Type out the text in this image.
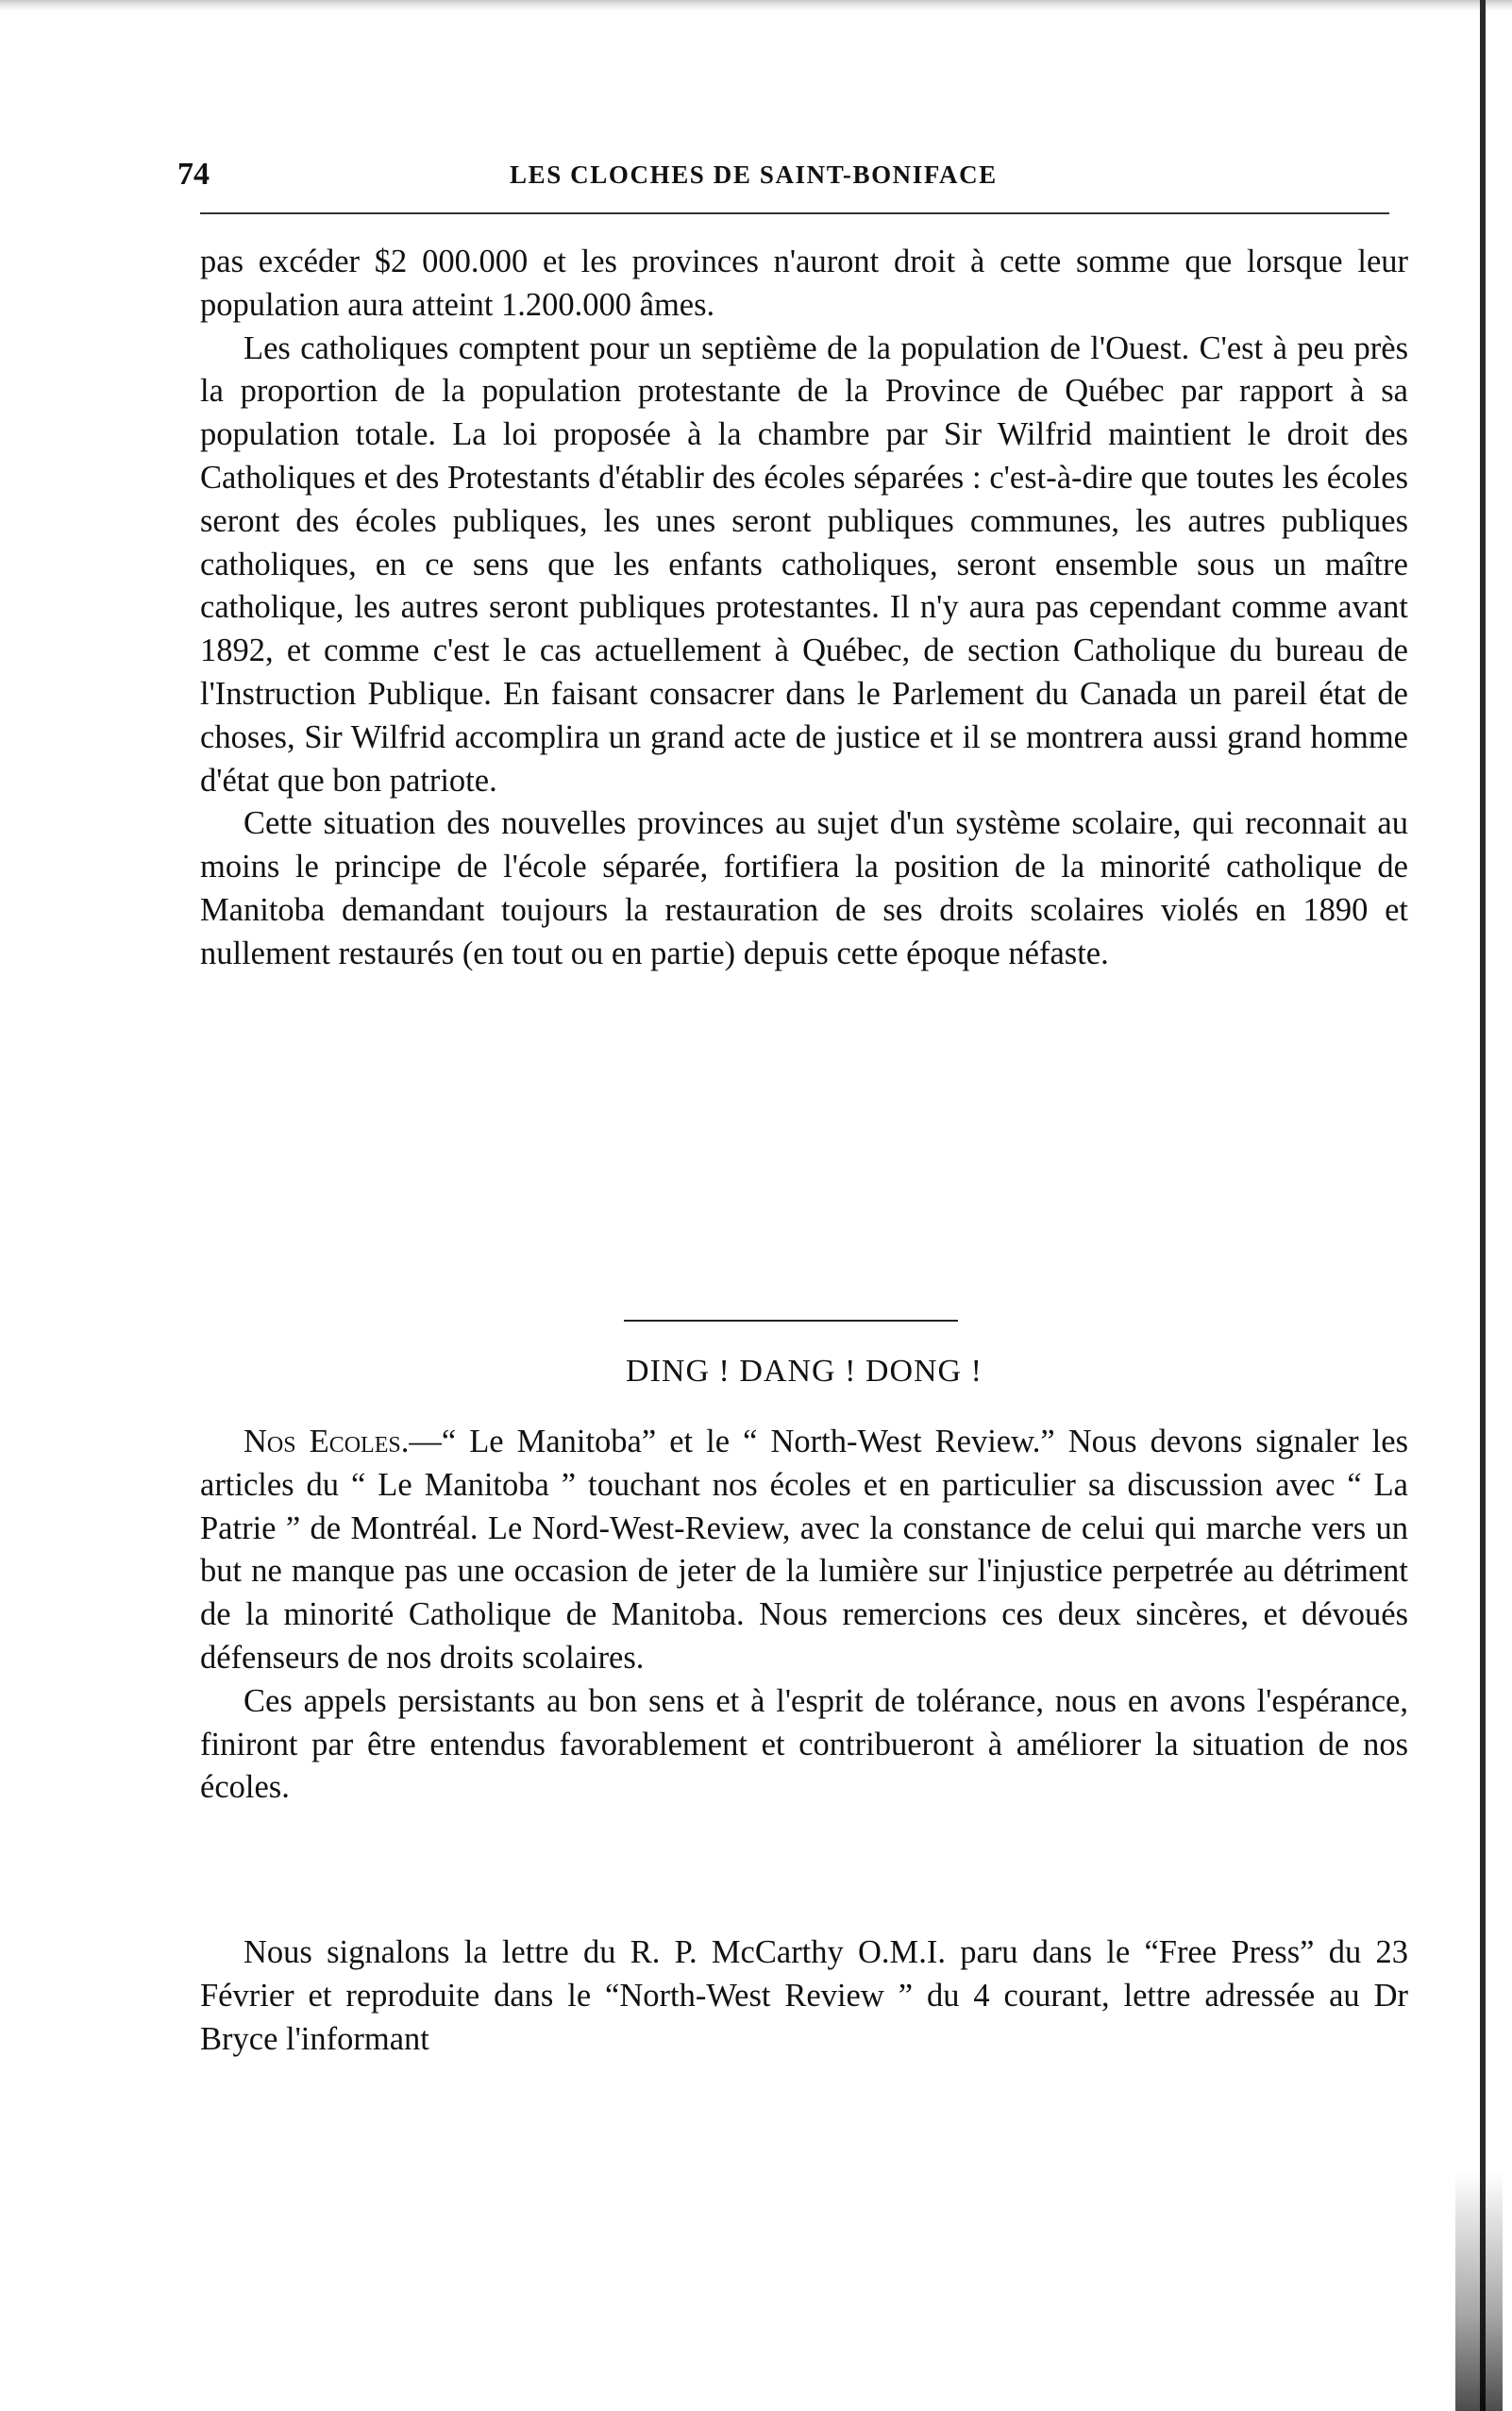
74	LES CLOCHES DE SAINT-BONIFACE

pas excéder $2 000.000 et les provinces n'auront droit à cette somme que lorsque leur population aura atteint 1.200.000 âmes.

Les catholiques comptent pour un septième de la population de l'Ouest. C'est à peu près la proportion de la population protestante de la Province de Québec par rapport à sa population totale. La loi proposée à la chambre par Sir Wilfrid maintient le droit des Catholiques et des Protestants d'établir des écoles séparées : c'est-à-dire que toutes les écoles seront des écoles publiques, les unes seront publiques communes, les autres publiques catholiques, en ce sens que les enfants catholiques, seront ensemble sous un maître catholique, les autres seront publiques protestantes. Il n'y aura pas cependant comme avant 1892, et comme c'est le cas actuellement à Québec, de section Catholique du bureau de l'Instruction Publique. En faisant consacrer dans le Parlement du Canada un pareil état de choses, Sir Wilfrid accomplira un grand acte de justice et il se montrera aussi grand homme d'état que bon patriote.

Cette situation des nouvelles provinces au sujet d'un système scolaire, qui reconnait au moins le principe de l'école séparée, fortifiera la position de la minorité catholique de Manitoba demandant toujours la restauration de ses droits scolaires violés en 1890 et nullement restaurés (en tout ou en partie) depuis cette époque néfaste.

DING ! DANG ! DONG !

Nos Ecoles.—“ Le Manitoba” et le “ North-West Review.” Nous devons signaler les articles du “ Le Manitoba ” touchant nos écoles et en particulier sa discussion avec “ La Patrie ” de Montréal. Le Nord-West-Review, avec la constance de celui qui marche vers un but ne manque pas une occasion de jeter de la lumière sur l'injustice perpetrée au détriment de la minorité Catholique de Manitoba. Nous remercions ces deux sincères, et dévoués défenseurs de nos droits scolaires.

Ces appels persistants au bon sens et à l'esprit de tolérance, nous en avons l'espérance, finiront par être entendus favorablement et contribueront à améliorer la situation de nos écoles.

Nous signalons la lettre du R. P. McCarthy O.M.I. paru dans le “Free Press” du 23 Février et reproduite dans le “North-West Review ” du 4 courant, lettre adressée au Dr Bryce l'informant
